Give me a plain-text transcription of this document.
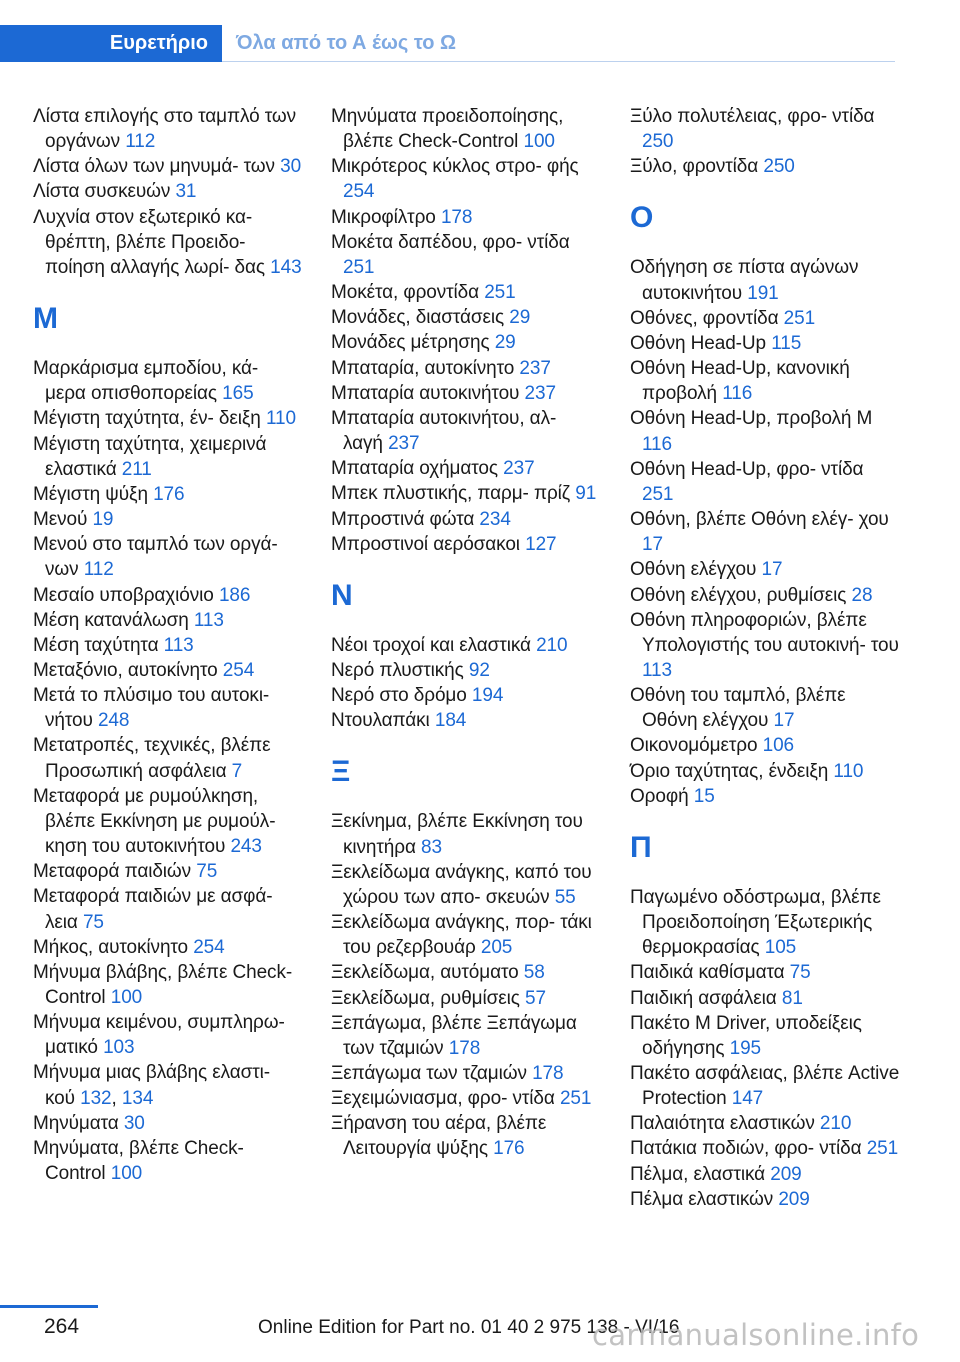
Ευρετήριο	Όλα από το Α έως το Ω

Λίστα επιλογής στο ταμπλό των οργάνων 112

Λίστα όλων των μηνυμά- των 30

Λίστα συσκευών 31

Λυχνία στον εξωτερικό κα- θρέπτη, βλέπε Προειδο- ποίηση αλλαγής λωρί- δας 143

Μ

Μαρκάρισμα εμποδίου, κά- μερα οπισθοπορείας 165

Μέγιστη ταχύτητα, έν- δειξη 110

Μέγιστη ταχύτητα, χειμερινά ελαστικά 211

Μέγιστη ψύξη 176

Μενού 19

Μενού στο ταμπλό των οργά- νων 112

Μεσαίο υποβραχιόνιο 186

Μέση κατανάλωση 113

Μέση ταχύτητα 113

Μεταξόνιο, αυτοκίνητο 254

Μετά το πλύσιμο του αυτοκι- νήτου 248

Μετατροπές, τεχνικές, βλέπε Προσωπική ασφάλεια 7

Μεταφορά με ρυμούλκηση, βλέπε Εκκίνηση με ρυμούλ- κηση του αυτοκινήτου 243

Μεταφορά παιδιών 75

Μεταφορά παιδιών με ασφά- λεια 75

Μήκος, αυτοκίνητο 254

Μήνυμα βλάβης, βλέπε Check-Control 100

Μήνυμα κειμένου, συμπληρω- ματικό 103

Μήνυμα μιας βλάβης ελαστι- κού 132, 134

Μηνύματα 30

Μηνύματα, βλέπε Check- Control 100

Μηνύματα προειδοποίησης, βλέπε Check-Control 100

Μικρότερος κύκλος στρο- φής 254

Μικροφίλτρο 178

Μοκέτα δαπέδου, φρο- ντίδα 251

Μοκέτα, φροντίδα 251

Μονάδες, διαστάσεις 29

Μονάδες μέτρησης 29

Μπαταρία, αυτοκίνητο 237

Μπαταρία αυτοκινήτου 237

Μπαταρία αυτοκινήτου, αλ- λαγή 237

Μπαταρία οχήματος 237

Μπεκ πλυστικής, παρμ- πρίζ 91

Μπροστινά φώτα 234

Μπροστινοί αερόσακοι 127

Ν

Νέοι τροχοί και ελαστικά 210

Νερό πλυστικής 92

Νερό στο δρόμο 194

Ντουλαπάκι 184

Ξ

Ξεκίνημα, βλέπε Εκκίνηση του κινητήρα 83

Ξεκλείδωμα ανάγκης, καπό του χώρου των απο- σκευών 55

Ξεκλείδωμα ανάγκης, πορ- τάκι του ρεζερβουάρ 205

Ξεκλείδωμα, αυτόματο 58

Ξεκλείδωμα, ρυθμίσεις 57

Ξεπάγωμα, βλέπε Ξεπάγωμα των τζαμιών 178

Ξεπάγωμα των τζαμιών 178

Ξεχειμώνιασμα, φρο- ντίδα 251

Ξήρανση του αέρα, βλέπε Λειτουργία ψύξης 176

Ξύλο πολυτέλειας, φρο- ντίδα 250

Ξύλο, φροντίδα 250

Ο

Οδήγηση σε πίστα αγώνων αυτοκινήτου 191

Οθόνες, φροντίδα 251

Οθόνη Head-Up 115

Οθόνη Head-Up, κανονική προβολή 116

Οθόνη Head-Up, προβολή M 116

Οθόνη Head-Up, φρο- ντίδα 251

Οθόνη, βλέπε Οθόνη ελέγ- χου 17

Οθόνη ελέγχου 17

Οθόνη ελέγχου, ρυθμίσεις 28

Οθόνη πληροφοριών, βλέπε Υπολογιστής του αυτοκινή- του 113

Οθόνη του ταμπλό, βλέπε Οθόνη ελέγχου 17

Οικονομόμετρο 106

Όριο ταχύτητας, ένδειξη 110

Οροφή 15

Π

Παγωμένο οδόστρωμα, βλέπε Προειδοποίηση Έξωτερικής θερμοκρασίας 105

Παιδικά καθίσματα 75

Παιδική ασφάλεια 81

Πακέτο M Driver, υποδείξεις οδήγησης 195

Πακέτο ασφάλειας, βλέπε Active Protection 147

Παλαιότητα ελαστικών 210

Πατάκια ποδιών, φρο- ντίδα 251

Πέλμα, ελαστικά 209

Πέλμα ελαστικών 209

264	Online Edition for Part no. 01 40 2 975 138 - VI/16
carmanualsonline.info
